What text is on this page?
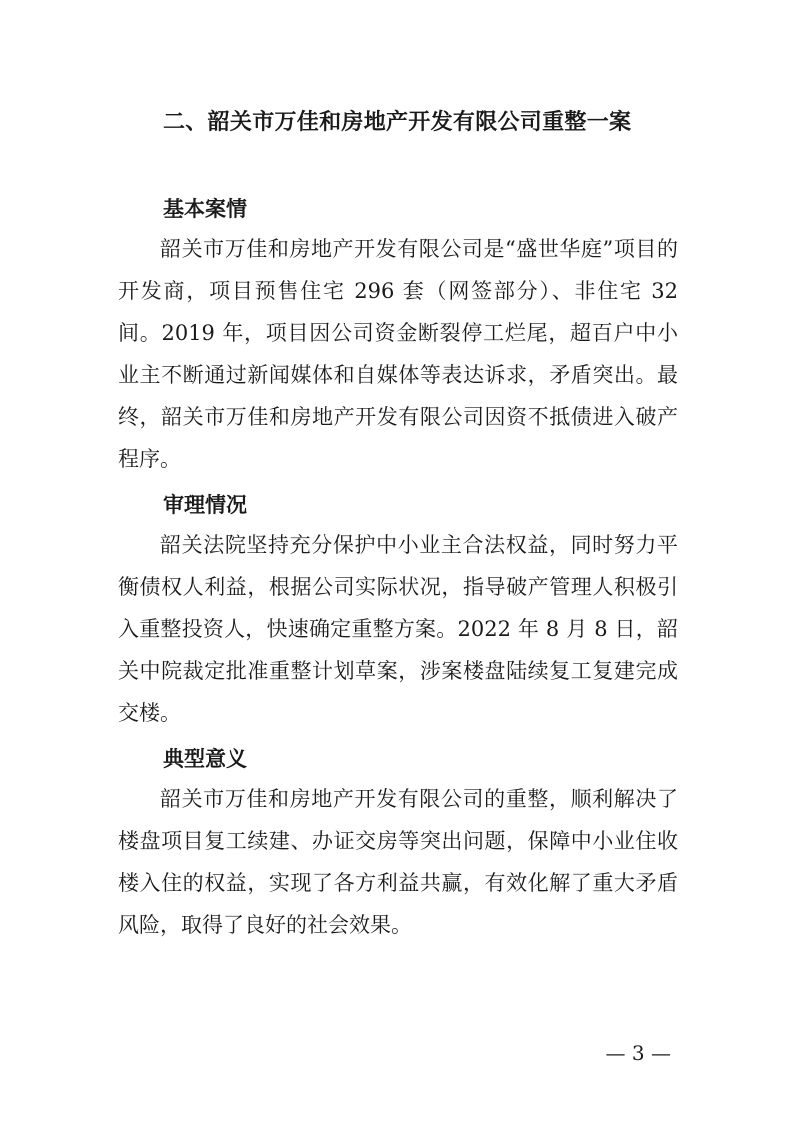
二、韶关市万佳和房地产开发有限公司重整一案
基本案情

韶关市万佳和房地产开发有限公司是“盛世华庭”项目的开发商，项目预售住宅 296 套（网签部分）、非住宅 32 间。2019 年，项目因公司资金断裂停工烂尾，超百户中小业主不断通过新闻媒体和自媒体等表达诉求，矛盾突出。最终，韶关市万佳和房地产开发有限公司因资不抵债进入破产程序。

审理情况

韶关法院坚持充分保护中小业主合法权益，同时努力平衡债权人利益，根据公司实际状况，指导破产管理人积极引入重整投资人，快速确定重整方案。2022 年 8 月 8 日，韶关中院裁定批准重整计划草案，涉案楼盘陆续复工复建完成交楼。

典型意义

韶关市万佳和房地产开发有限公司的重整，顺利解决了楼盘项目复工续建、办证交房等突出问题，保障中小业住收楼入住的权益，实现了各方利益共赢，有效化解了重大矛盾风险，取得了良好的社会效果。

— 3 —
